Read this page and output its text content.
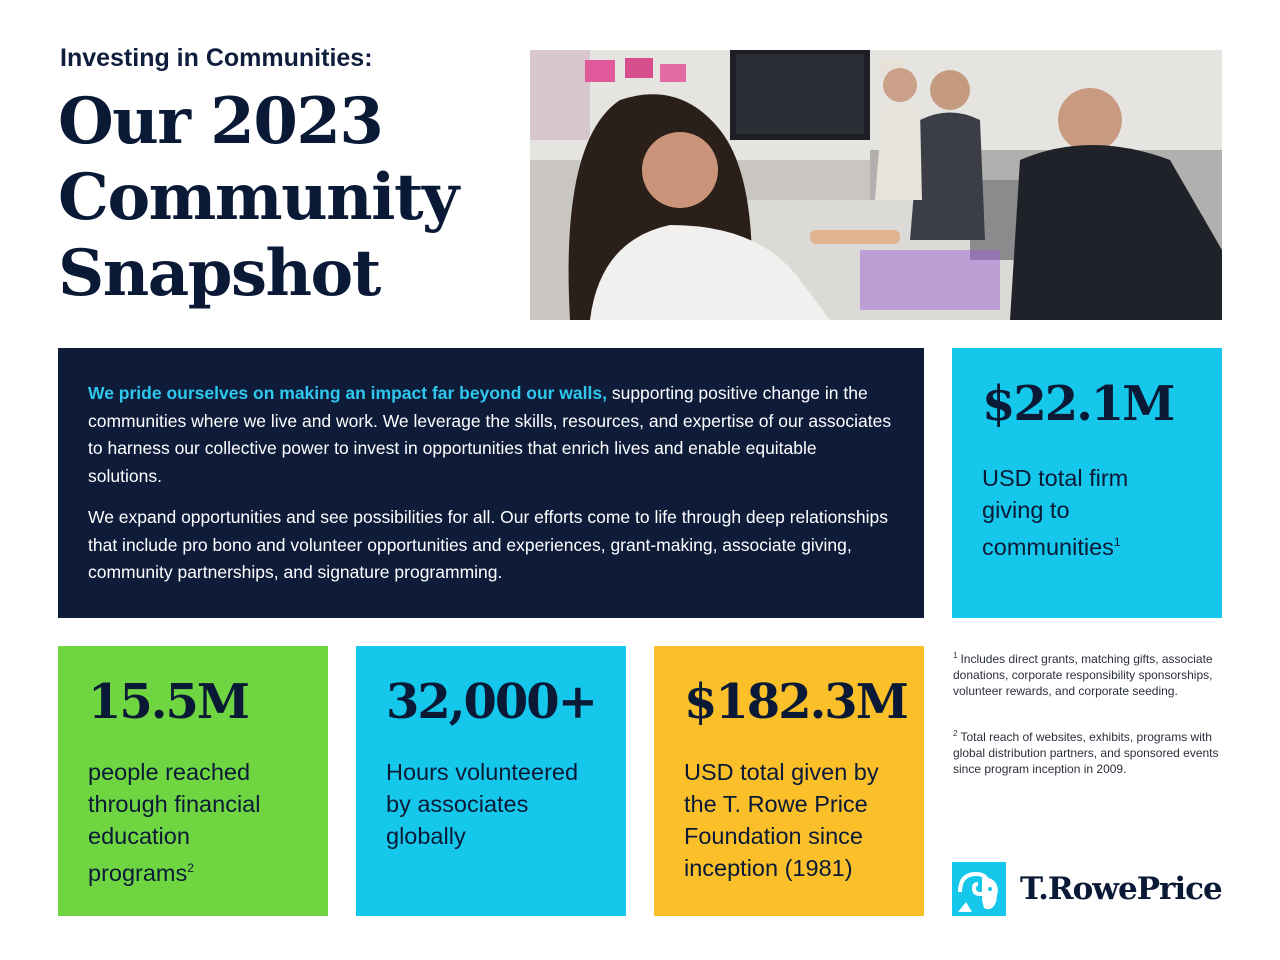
Investing in Communities:
Our 2023
Community
Snapshot

We pride ourselves on making an impact far beyond our walls, supporting positive change in the communities where we live and work. We leverage the skills, resources, and expertise of our associates to harness our collective power to invest in opportunities that enrich lives and enable equitable solutions.

We expand opportunities and see possibilities for all. Our efforts come to life through deep relationships that include pro bono and volunteer opportunities and experiences, grant-making, associate giving, community partnerships, and signature programming.

$22.1M
USD total firm giving to communities$^1$
15.5M
people reached through financial education programs$^2$
32,000+
Hours volunteered by associates globally
$182.3M
USD total given by the T. Rowe Price Foundation since inception (1981)
$^1$ Includes direct grants, matching gifts, associate donations, corporate responsibility sponsorships, volunteer rewards, and corporate seeding.
$^2$ Total reach of websites, exhibits, programs with global distribution partners, and sponsored events since program inception in 2009.
T.RowePrice
